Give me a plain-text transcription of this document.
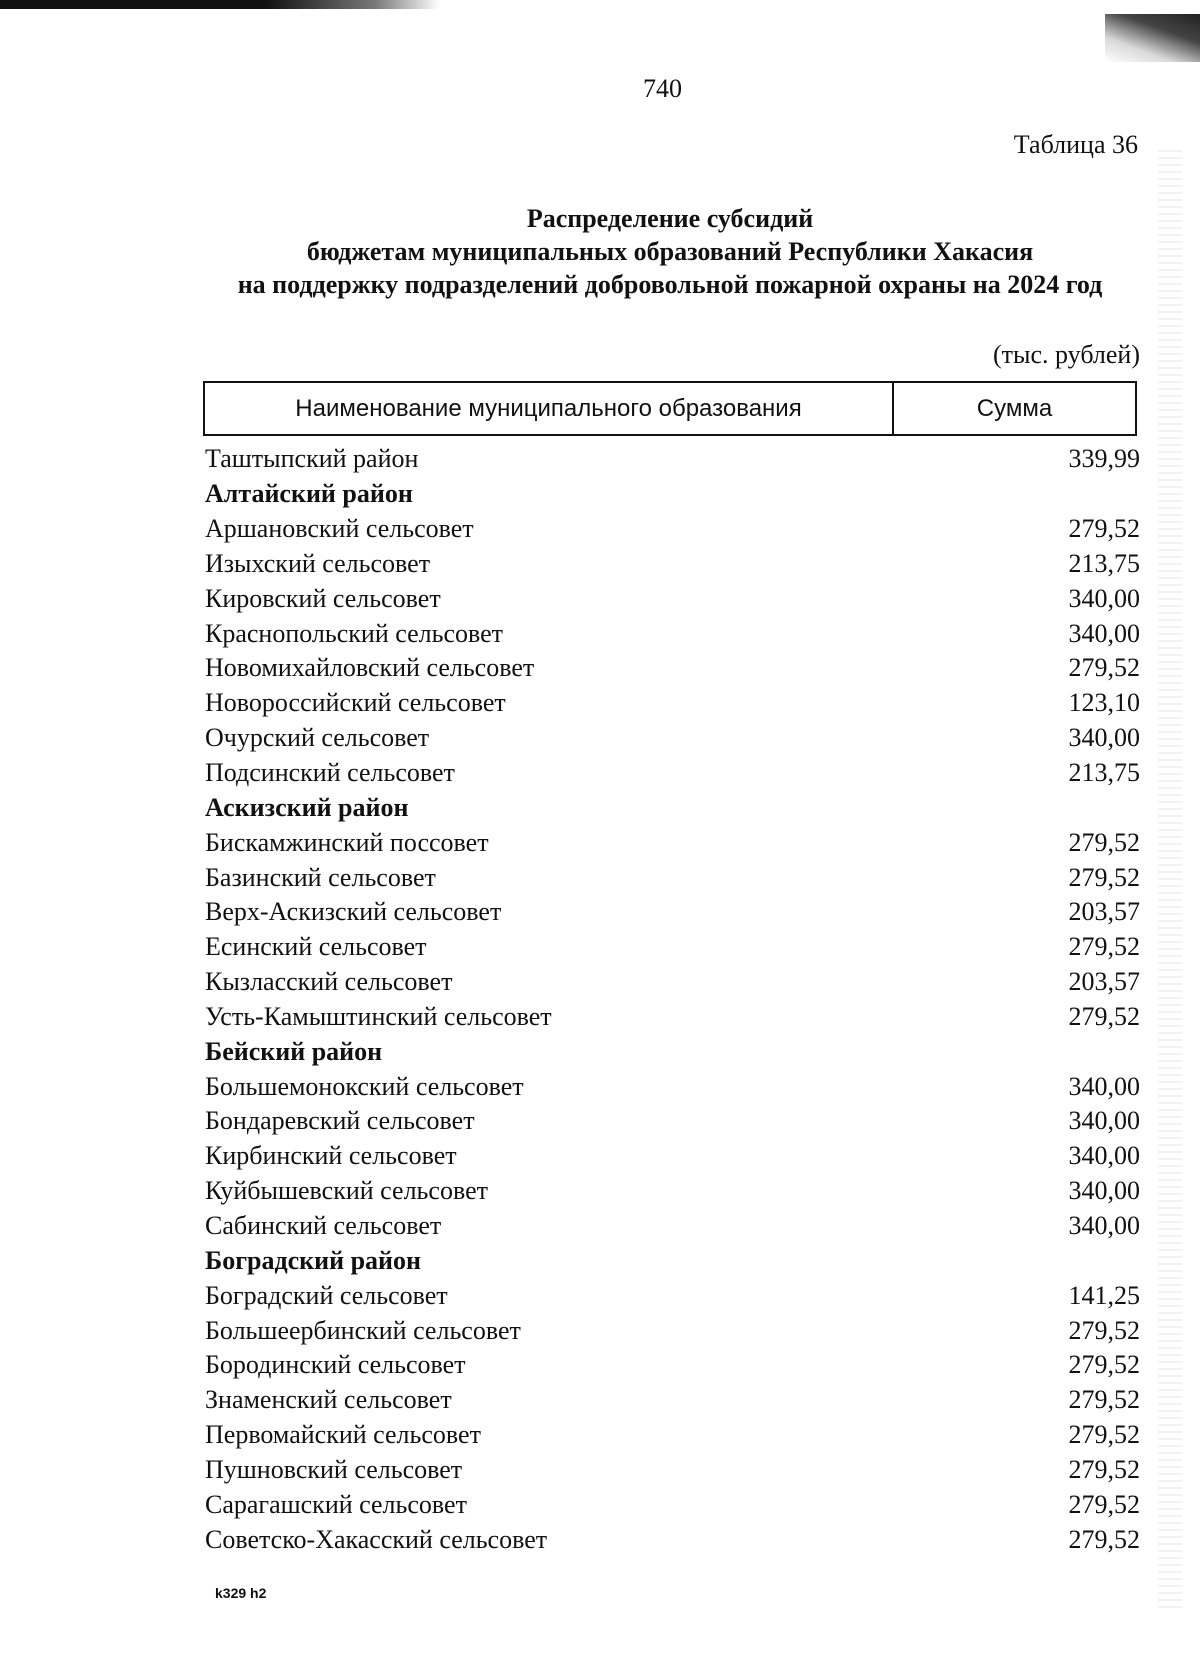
740
Таблица 36
Распределение субсидий
бюджетам муниципальных образований Республики Хакасия
на поддержку подразделений добровольной пожарной охраны на 2024 год
(тыс. рублей)
Наименование муниципального образования	Сумма
Таштыпский район	339,99
Алтайский район
Аршановский сельсовет	279,52
Изыхский сельсовет	213,75
Кировский сельсовет	340,00
Краснопольский сельсовет	340,00
Новомихайловский сельсовет	279,52
Новороссийский сельсовет	123,10
Очурский сельсовет	340,00
Подсинский сельсовет	213,75
Аскизский район
Бискамжинский поссовет	279,52
Базинский сельсовет	279,52
Верх-Аскизский сельсовет	203,57
Есинский сельсовет	279,52
Кызласский сельсовет	203,57
Усть-Камыштинский сельсовет	279,52
Бейский район
Большемонокский сельсовет	340,00
Бондаревский сельсовет	340,00
Кирбинский сельсовет	340,00
Куйбышевский сельсовет	340,00
Сабинский сельсовет	340,00
Боградский район
Боградский сельсовет	141,25
Большеербинский сельсовет	279,52
Бородинский сельсовет	279,52
Знаменский сельсовет	279,52
Первомайский сельсовет	279,52
Пушновский сельсовет	279,52
Сарагашский сельсовет	279,52
Советско-Хакасский сельсовет	279,52
k329 h2
